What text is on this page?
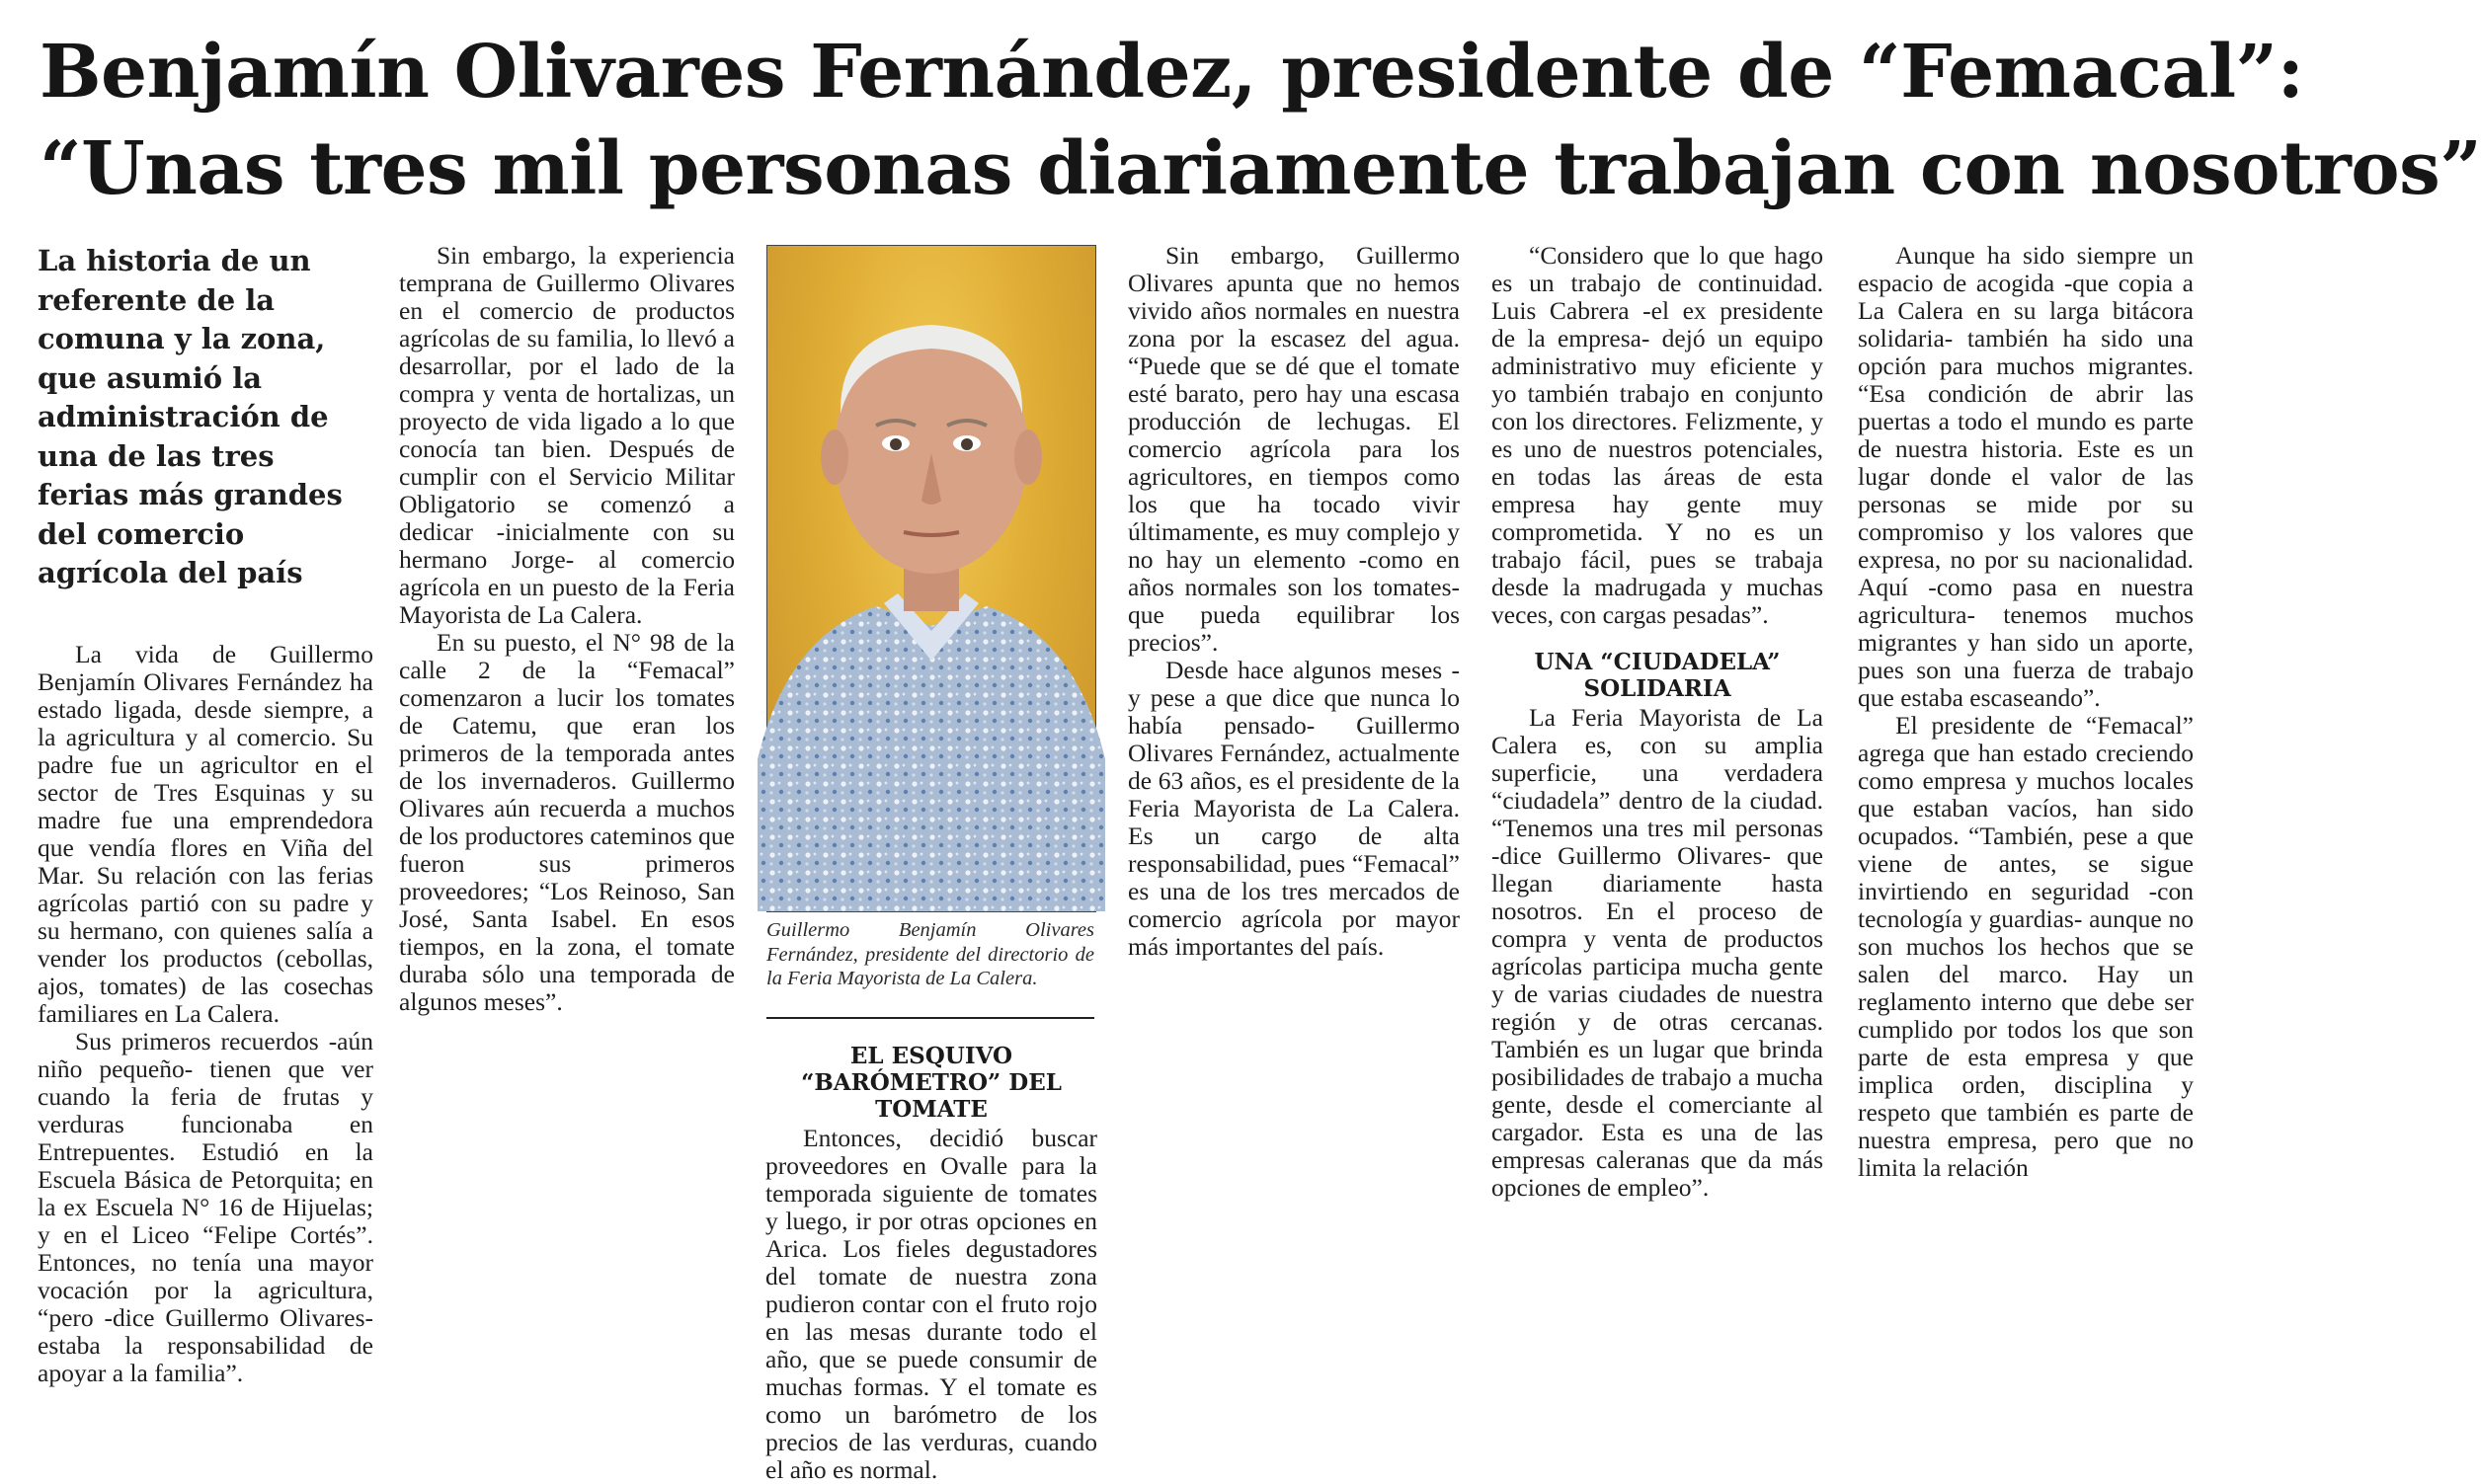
Benjamín Olivares Fernández, presidente de “Femacal”:
“Unas tres mil personas diariamente trabajan con nosotros”
La historia de un referente de la comuna y la zona, que asumió la administración de una de las tres ferias más grandes del comercio agrícola del país

La vida de Guillermo Benjamín Olivares Fernández ha estado ligada, desde siempre, a la agricultura y al comercio. Su padre fue un agricultor en el sector de Tres Esquinas y su madre fue una emprendedora que vendía flores en Viña del Mar. Su relación con las ferias agrícolas partió con su padre y su hermano, con quienes salía a vender los productos (cebollas, ajos, tomates) de las cosechas familiares en La Calera.

Sus primeros recuerdos -aún niño pequeño- tienen que ver cuando la feria de frutas y verduras funcionaba en Entrepuentes. Estudió en la Escuela Básica de Petorquita; en la ex Escuela N° 16 de Hijuelas; y en el Liceo “Felipe Cortés”. Entonces, no tenía una mayor vocación por la agricultura, “pero -dice Guillermo Olivares- estaba la responsabilidad de apoyar a la familia”.

Sin embargo, la experiencia temprana de Guillermo Olivares en el comercio de productos agrícolas de su familia, lo llevó a desarrollar, por el lado de la compra y venta de hortalizas, un proyecto de vida ligado a lo que conocía tan bien. Después de cumplir con el Servicio Militar Obligatorio se comenzó a dedicar -inicialmente con su hermano Jorge- al comercio agrícola en un puesto de la Feria Mayorista de La Calera.

En su puesto, el N° 98 de la calle 2 de la “Femacal” comenzaron a lucir los tomates de Catemu, que eran los primeros de la temporada antes de los invernaderos. Guillermo Olivares aún recuerda a muchos de los productores cateminos que fueron sus primeros proveedores; “Los Reinoso, San José, Santa Isabel. En esos tiempos, en la zona, el tomate duraba sólo una temporada de algunos meses”.

Guillermo Benjamín Olivares Fernández, presidente del directorio de la Feria Mayorista de La Calera.
EL ESQUIVO “BARÓMETRO” DEL TOMATE

Entonces, decidió buscar proveedores en Ovalle para la temporada siguiente de tomates y luego, ir por otras opciones en Arica. Los fieles degustadores del tomate de nuestra zona pudieron contar con el fruto rojo en las mesas durante todo el año, que se puede consumir de muchas formas. Y el tomate es como un barómetro de los precios de las verduras, cuando el año es normal.

Sin embargo, Guillermo Olivares apunta que no hemos vivido años normales en nuestra zona por la escasez del agua. “Puede que se dé que el tomate esté barato, pero hay una escasa producción de lechugas. El comercio agrícola para los agricultores, en tiempos como los que ha tocado vivir últimamente, es muy complejo y no hay un elemento -como en años normales son los tomates- que pueda equilibrar los precios”.

Desde hace algunos meses -y pese a que dice que nunca lo había pensado- Guillermo Olivares Fernández, actualmente de 63 años, es el presidente de la Feria Mayorista de La Calera. Es un cargo de alta responsabilidad, pues “Femacal” es una de los tres mercados de comercio agrícola por mayor más importantes del país.

“Considero que lo que hago es un trabajo de continuidad. Luis Cabrera -el ex presidente de la empresa- dejó un equipo administrativo muy eficiente y yo también trabajo en conjunto con los directores. Felizmente, y es uno de nuestros potenciales, en todas las áreas de esta empresa hay gente muy comprometida. Y no es un trabajo fácil, pues se trabaja desde la madrugada y muchas veces, con cargas pesadas”.

UNA “CIUDADELA” SOLIDARIA

La Feria Mayorista de La Calera es, con su amplia superficie, una verdadera “ciudadela” dentro de la ciudad. “Tenemos una tres mil personas -dice Guillermo Olivares- que llegan diariamente hasta nosotros. En el proceso de compra y venta de productos agrícolas participa mucha gente y de varias ciudades de nuestra región y de otras cercanas. También es un lugar que brinda posibilidades de trabajo a mucha gente, desde el comerciante al cargador. Esta es una de las empresas caleranas que da más opciones de empleo”.

Aunque ha sido siempre un espacio de acogida -que copia a La Calera en su larga bitácora solidaria- también ha sido una opción para muchos migrantes. “Esa condición de abrir las puertas a todo el mundo es parte de nuestra historia. Este es un lugar donde el valor de las personas se mide por su compromiso y los valores que expresa, no por su nacionalidad. Aquí -como pasa en nuestra agricultura- tenemos muchos migrantes y han sido un aporte, pues son una fuerza de trabajo que estaba escaseando”.

El presidente de “Femacal” agrega que han estado creciendo como empresa y muchos locales que estaban vacíos, han sido ocupados. “También, pese a que viene de antes, se sigue invirtiendo en seguridad -con tecnología y guardias- aunque no son muchos los hechos que se salen del marco. Hay un reglamento interno que debe ser cumplido por todos los que son parte de esta empresa y que implica orden, disciplina y respeto que también es parte de nuestra empresa, pero que no limita la relación
